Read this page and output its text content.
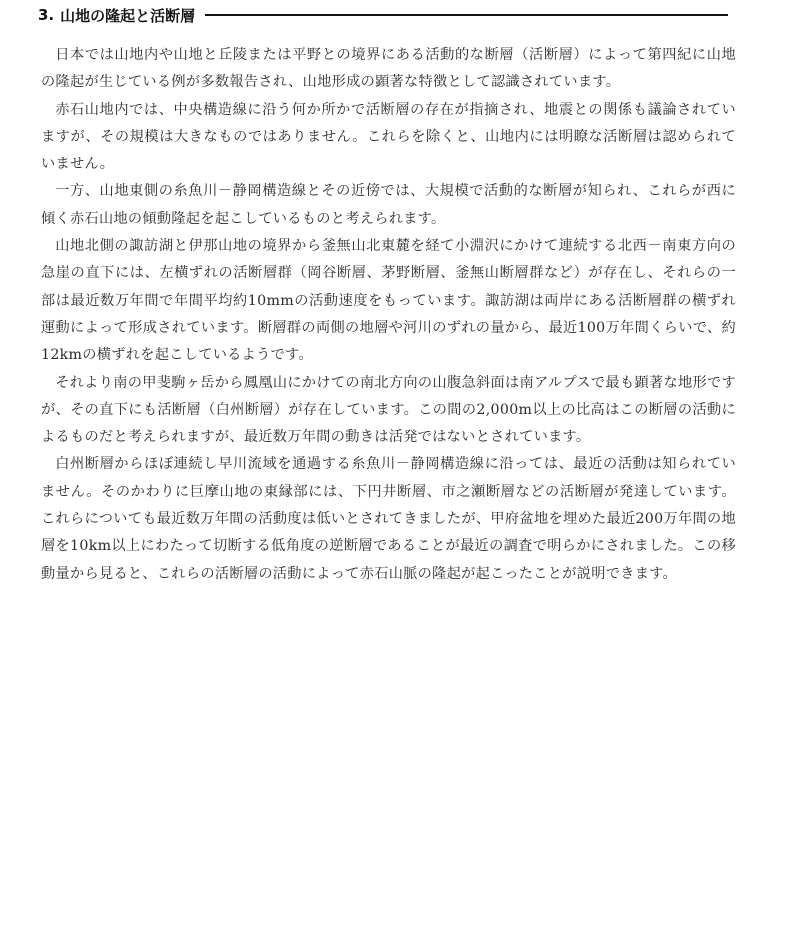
3. 山地の隆起と活断層

日本では山地内や山地と丘陵または平野との境界にある活動的な断層（活断層）によって第四紀に山地の隆起が生じている例が多数報告され、山地形成の顕著な特徴として認識されています。

赤石山地内では、中央構造線に沿う何か所かで活断層の存在が指摘され、地震との関係も議論されていますが、その規模は大きなものではありません。これらを除くと、山地内には明瞭な活断層は認められていません。

一方、山地東側の糸魚川－静岡構造線とその近傍では、大規模で活動的な断層が知られ、これらが西に傾く赤石山地の傾動隆起を起こしているものと考えられます。

山地北側の諏訪湖と伊那山地の境界から釜無山北東麓を経て小淵沢にかけて連続する北西－南東方向の急崖の直下には、左横ずれの活断層群（岡谷断層、茅野断層、釜無山断層群など）が存在し、それらの一部は最近数万年間で年間平均約10mmの活動速度をもっています。諏訪湖は両岸にある活断層群の横ずれ運動によって形成されています。断層群の両側の地層や河川のずれの量から、最近100万年間くらいで、約12kmの横ずれを起こしているようです。

それより南の甲斐駒ヶ岳から鳳凰山にかけての南北方向の山腹急斜面は南アルプスで最も顕著な地形ですが、その直下にも活断層（白州断層）が存在しています。この間の2,000m以上の比高はこの断層の活動によるものだと考えられますが、最近数万年間の動きは活発ではないとされています。

白州断層からほぼ連続し早川流域を通過する糸魚川－静岡構造線に沿っては、最近の活動は知られていません。そのかわりに巨摩山地の東縁部には、下円井断層、市之瀬断層などの活断層が発達しています。これらについても最近数万年間の活動度は低いとされてきましたが、甲府盆地を埋めた最近200万年間の地層を10km以上にわたって切断する低角度の逆断層であることが最近の調査で明らかにされました。この移動量から見ると、これらの活断層の活動によって赤石山脈の隆起が起こったことが説明できます。
